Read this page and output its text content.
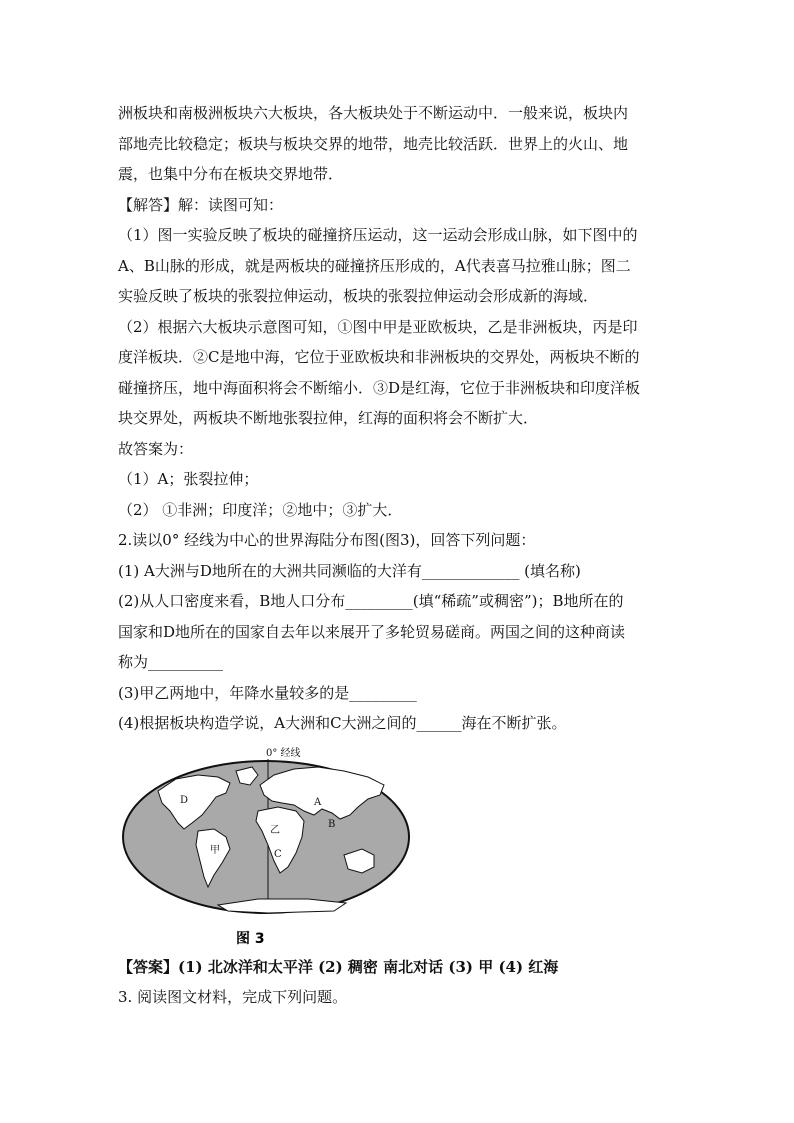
洲板块和南极洲板块六大板块，各大板块处于不断运动中．一般来说，板块内
部地壳比较稳定；板块与板块交界的地带，地壳比较活跃．世界上的火山、地
震，也集中分布在板块交界地带．
【解答】解：读图可知：
（1）图一实验反映了板块的碰撞挤压运动，这一运动会形成山脉，如下图中的
A、B山脉的形成，就是两板块的碰撞挤压形成的，A代表喜马拉雅山脉；图二
实验反映了板块的张裂拉伸运动，板块的张裂拉伸运动会形成新的海域．
（2）根据六大板块示意图可知，①图中甲是亚欧板块，乙是非洲板块，丙是印
度洋板块．②C是地中海，它位于亚欧板块和非洲板块的交界处，两板块不断的
碰撞挤压，地中海面积将会不断缩小．③D是红海，它位于非洲板块和印度洋板
块交界处，两板块不断地张裂拉伸，红海的面积将会不断扩大．
故答案为：
（1）A；张裂拉伸；
（2） ①非洲；印度洋；②地中；③扩大．
2.读以0° 经线为中心的世界海陆分布图(图3)，回答下列问题：
(1) A大洲与D地所在的大洲共同濒临的大洋有_____________ (填名称)
(2)从人口密度来看，B地人口分布_________(填“稀疏”或稠密”)；B地所在的
国家和D地所在的国家自去年以来展开了多轮贸易磋商。两国之间的这种商读
称为__________
(3)甲乙两地中，年降水量较多的是_________
(4)根据板块构造学说，A大洲和C大洲之间的______海在不断扩张。
0° 经线
D	A
B
乙
C
甲
图 3
【答案】(1) 北冰洋和太平洋 (2) 稠密 南北对话 (3) 甲 (4) 红海
3. 阅读图文材料，完成下列问题。
